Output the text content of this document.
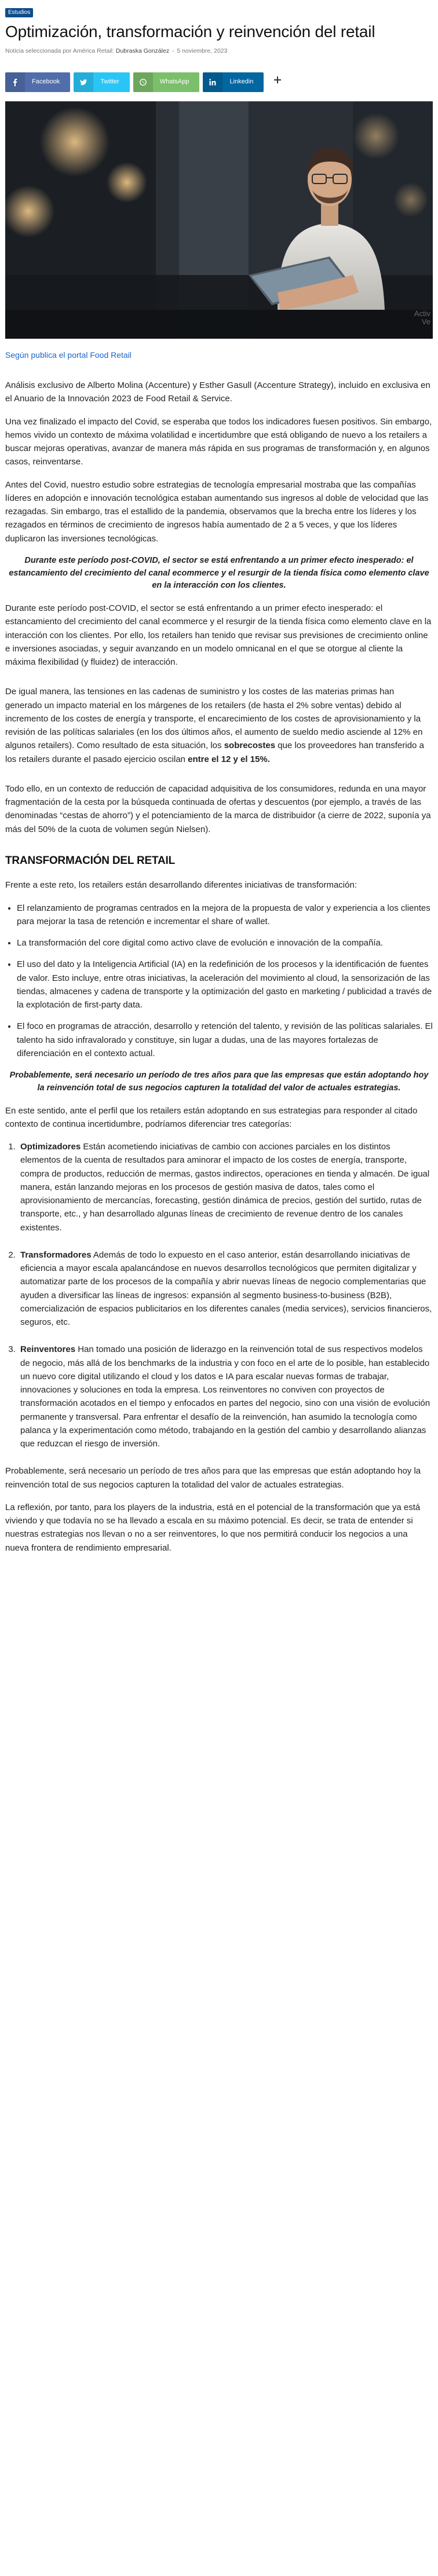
Estudios
Optimización, transformación y reinvención del retail
Noticia seleccionada por América Retail: Dubraska González - 5 noviembre, 2023
Facebook	Twitter	WhatsApp	Linkedin
Activ
Ve
Según publica el portal Food Retail

Análisis exclusivo de Alberto Molina (Accenture) y Esther Gasull (Accenture Strategy), incluido en exclusiva en el Anuario de la Innovación 2023 de Food Retail & Service.

Una vez finalizado el impacto del Covid, se esperaba que todos los indicadores fuesen positivos. Sin embargo, hemos vivido un contexto de máxima volatilidad e incertidumbre que está obligando de nuevo a los retailers a buscar mejoras operativas, avanzar de manera más rápida en sus programas de transformación y, en algunos casos, reinventarse.

Antes del Covid, nuestro estudio sobre estrategias de tecnología empresarial mostraba que las compañías líderes en adopción e innovación tecnológica estaban aumentando sus ingresos al doble de velocidad que las rezagadas. Sin embargo, tras el estallido de la pandemia, observamos que la brecha entre los líderes y los rezagados en términos de crecimiento de ingresos había aumentado de 2 a 5 veces, y que los líderes duplicaron las inversiones tecnológicas.

Durante este período post-COVID, el sector se está enfrentando a un primer efecto inesperado: el estancamiento del crecimiento del canal ecommerce y el resurgir de la tienda física como elemento clave en la interacción con los clientes.

Durante este período post-COVID, el sector se está enfrentando a un primer efecto inesperado: el estancamiento del crecimiento del canal ecommerce y el resurgir de la tienda física como elemento clave en la interacción con los clientes. Por ello, los retailers han tenido que revisar sus previsiones de crecimiento online e inversiones asociadas, y seguir avanzando en un modelo omnicanal en el que se otorgue al cliente la máxima flexibilidad (y fluidez) de interacción.

De igual manera, las tensiones en las cadenas de suministro y los costes de las materias primas han generado un impacto material en los márgenes de los retailers (de hasta el 2% sobre ventas) debido al incremento de los costes de energía y transporte, el encarecimiento de los costes de aprovisionamiento y la revisión de las políticas salariales (en los dos últimos años, el aumento de sueldo medio asciende al 12% en algunos retailers). Como resultado de esta situación, los sobrecostes que los proveedores han transferido a los retailers durante el pasado ejercicio oscilan entre el 12 y el 15%.

Todo ello, en un contexto de reducción de capacidad adquisitiva de los consumidores, redunda en una mayor fragmentación de la cesta por la búsqueda continuada de ofertas y descuentos (por ejemplo, a través de las denominadas “cestas de ahorro”) y el potenciamiento de la marca de distribuidor (a cierre de 2022, suponía ya más del 50% de la cuota de volumen según Nielsen).

TRANSFORMACIÓN DEL RETAIL

Frente a este reto, los retailers están desarrollando diferentes iniciativas de transformación:

• El relanzamiento de programas centrados en la mejora de la propuesta de valor y experiencia a los clientes para mejorar la tasa de retención e incrementar el share of wallet.
• La transformación del core digital como activo clave de evolución e innovación de la compañía.
• El uso del dato y la Inteligencia Artificial (IA) en la redefinición de los procesos y la identificación de fuentes de valor. Esto incluye, entre otras iniciativas, la aceleración del movimiento al cloud, la sensorización de las tiendas, almacenes y cadena de transporte y la optimización del gasto en marketing / publicidad a través de la explotación de first-party data.
• El foco en programas de atracción, desarrollo y retención del talento, y revisión de las políticas salariales. El talento ha sido infravalorado y constituye, sin lugar a dudas, una de las mayores fortalezas de diferenciación en el contexto actual.
Probablemente, será necesario un período de tres años para que las empresas que están adoptando hoy la reinvención total de sus negocios capturen la totalidad del valor de actuales estrategias.

En este sentido, ante el perfil que los retailers están adoptando en sus estrategias para responder al citado contexto de continua incertidumbre, podríamos diferenciar tres categorías:

1. Optimizadores Están acometiendo iniciativas de cambio con acciones parciales en los distintos elementos de la cuenta de resultados para aminorar el impacto de los costes de energía, transporte, compra de productos, reducción de mermas, gastos indirectos, operaciones en tienda y almacén. De igual manera, están lanzando mejoras en los procesos de gestión masiva de datos, tales como el aprovisionamiento de mercancías, forecasting, gestión dinámica de precios, gestión del surtido, rutas de transporte, etc., y han desarrollado algunas líneas de crecimiento de revenue dentro de los canales existentes.
2. Transformadores Además de todo lo expuesto en el caso anterior, están desarrollando iniciativas de eficiencia a mayor escala apalancándose en nuevos desarrollos tecnológicos que permiten digitalizar y automatizar parte de los procesos de la compañía y abrir nuevas líneas de negocio complementarias que ayuden a diversificar las líneas de ingresos: expansión al segmento business-to-business (B2B), comercialización de espacios publicitarios en los diferentes canales (media services), servicios financieros, seguros, etc.
3. Reinventores Han tomado una posición de liderazgo en la reinvención total de sus respectivos modelos de negocio, más allá de los benchmarks de la industria y con foco en el arte de lo posible, han establecido un nuevo core digital utilizando el cloud y los datos e IA para escalar nuevas formas de trabajar, innovaciones y soluciones en toda la empresa. Los reinventores no conviven con proyectos de transformación acotados en el tiempo y enfocados en partes del negocio, sino con una visión de evolución permanente y transversal. Para enfrentar el desafío de la reinvención, han asumido la tecnología como palanca y la experimentación como método, trabajando en la gestión del cambio y desarrollando alianzas que reduzcan el riesgo de inversión.

Probablemente, será necesario un período de tres años para que las empresas que están adoptando hoy la reinvención total de sus negocios capturen la totalidad del valor de actuales estrategias.

La reflexión, por tanto, para los players de la industria, está en el potencial de la transformación que ya está viviendo y que todavía no se ha llevado a escala en su máximo potencial. Es decir, se trata de entender si nuestras estrategias nos llevan o no a ser reinventores, lo que nos permitirá conducir los negocios a una nueva frontera de rendimiento empresarial.
